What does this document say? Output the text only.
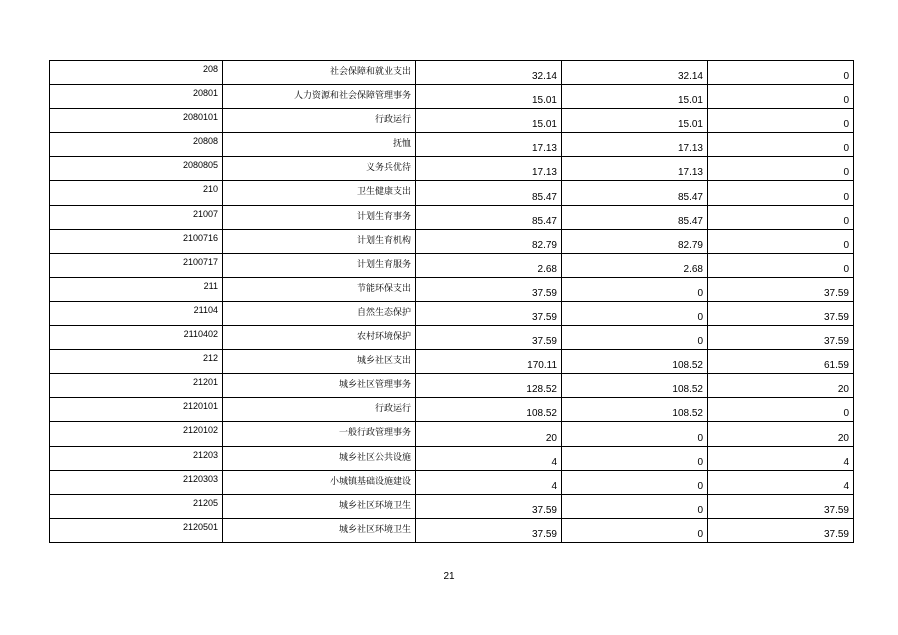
208	社会保障和就业支出	32.14	32.14	0
20801	人力资源和社会保障管理事务	15.01	15.01	0
2080101	行政运行	15.01	15.01	0
20808	抚恤	17.13	17.13	0
2080805	义务兵优待	17.13	17.13	0
210	卫生健康支出	85.47	85.47	0
21007	计划生育事务	85.47	85.47	0
2100716	计划生育机构	82.79	82.79	0
2100717	计划生育服务	2.68	2.68	0
211	节能环保支出	37.59	0	37.59
21104	自然生态保护	37.59	0	37.59
2110402	农村环境保护	37.59	0	37.59
212	城乡社区支出	170.11	108.52	61.59
21201	城乡社区管理事务	128.52	108.52	20
2120101	行政运行	108.52	108.52	0
2120102	一般行政管理事务	20	0	20
21203	城乡社区公共设施	4	0	4
2120303	小城镇基础设施建设	4	0	4
21205	城乡社区环境卫生	37.59	0	37.59
2120501	城乡社区环境卫生	37.59	0	37.59
21
